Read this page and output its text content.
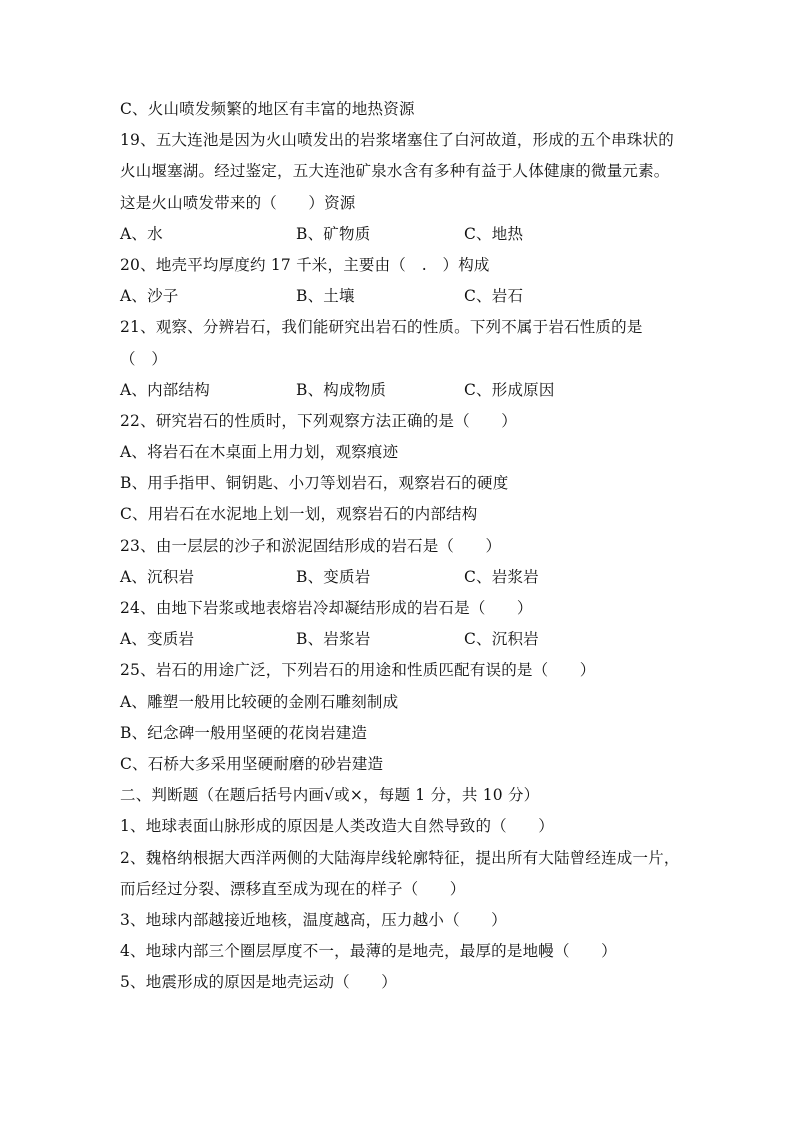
C、火山喷发频繁的地区有丰富的地热资源
19、五大连池是因为火山喷发出的岩浆堵塞住了白河故道，形成的五个串珠状的
火山堰塞湖。经过鉴定，五大连池矿泉水含有多种有益于人体健康的微量元素。
这是火山喷发带来的（　　）资源
A、水	B、矿物质	C、地热
20、地壳平均厚度约 17 千米，主要由（　.　）构成
A、沙子	B、土壤	C、岩石
21、观察、分辨岩石，我们能研究出岩石的性质。下列不属于岩石性质的是
（　）
A、内部结构	B、构成物质	C、形成原因
22、研究岩石的性质时，下列观察方法正确的是（　　）
A、将岩石在木桌面上用力划，观察痕迹
B、用手指甲、铜钥匙、小刀等划岩石，观察岩石的硬度
C、用岩石在水泥地上划一划，观察岩石的内部结构
23、由一层层的沙子和淤泥固结形成的岩石是（　　）
A、沉积岩	B、变质岩	C、岩浆岩
24、由地下岩浆或地表熔岩冷却凝结形成的岩石是（　　）
A、变质岩	B、岩浆岩	C、沉积岩
25、岩石的用途广泛，下列岩石的用途和性质匹配有误的是（　　）
A、雕塑一般用比较硬的金刚石雕刻制成
B、纪念碑一般用坚硬的花岗岩建造
C、石桥大多采用坚硬耐磨的砂岩建造
二、判断题（在题后括号内画√或×，每题 1 分，共 10 分）
1、地球表面山脉形成的原因是人类改造大自然导致的（　　）
2、魏格纳根据大西洋两侧的大陆海岸线轮廓特征，提出所有大陆曾经连成一片，
而后经过分裂、漂移直至成为现在的样子（　　）
3、地球内部越接近地核，温度越高，压力越小（　　）
4、地球内部三个圈层厚度不一，最薄的是地壳，最厚的是地幔（　　）
5、地震形成的原因是地壳运动（　　）
